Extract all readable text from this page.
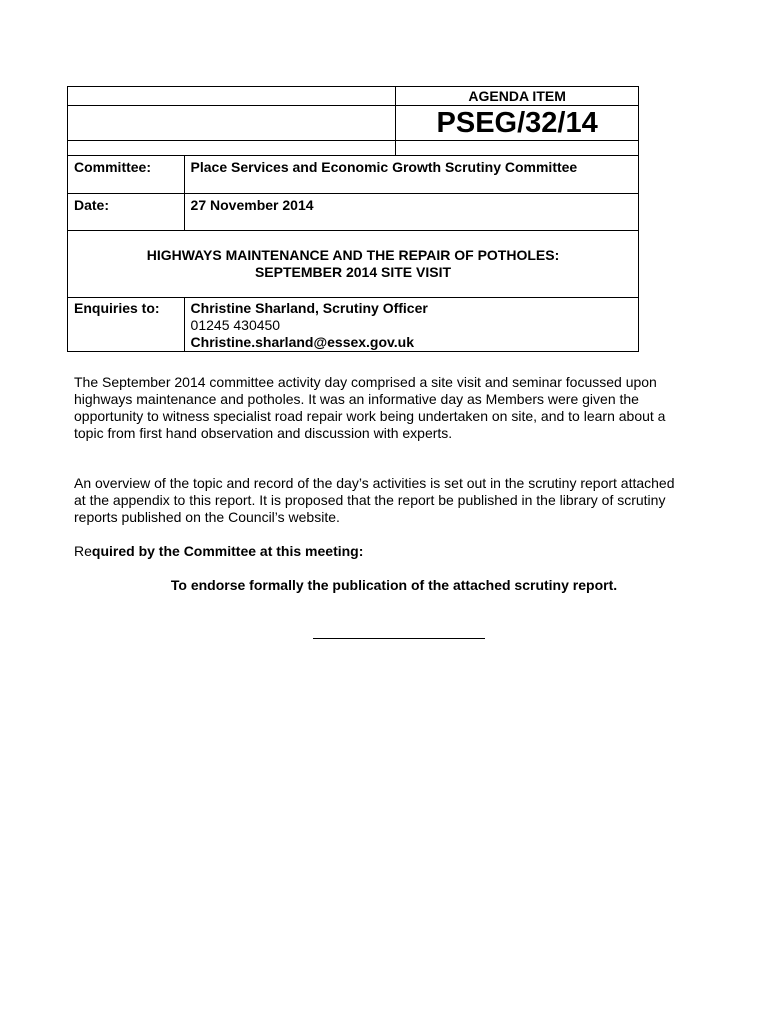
		AGENDA ITEM
		PSEG/32/14

Committee:	Place Services and Economic Growth Scrutiny Committee	
Date:	27 November 2014	

HIGHWAYS MAINTENANCE AND THE REPAIR OF POTHOLES:
SEPTEMBER 2014 SITE VISIT		

Enquiries to:	Christine Sharland, Scrutiny Officer
01245 430450
Christine.sharland@essex.gov.uk	

The September 2014 committee activity day comprised a site visit and seminar focussed upon highways maintenance and potholes. It was an informative day as Members were given the opportunity to witness specialist road repair work being undertaken on site, and to learn about a topic from first hand observation and discussion with experts.

An overview of the topic and record of the day’s activities is set out in the scrutiny report attached at the appendix to this report. It is proposed that the report be published in the library of scrutiny reports published on the Council’s website.

Required by the Committee at this meeting:
To endorse formally the publication of the attached scrutiny report.
